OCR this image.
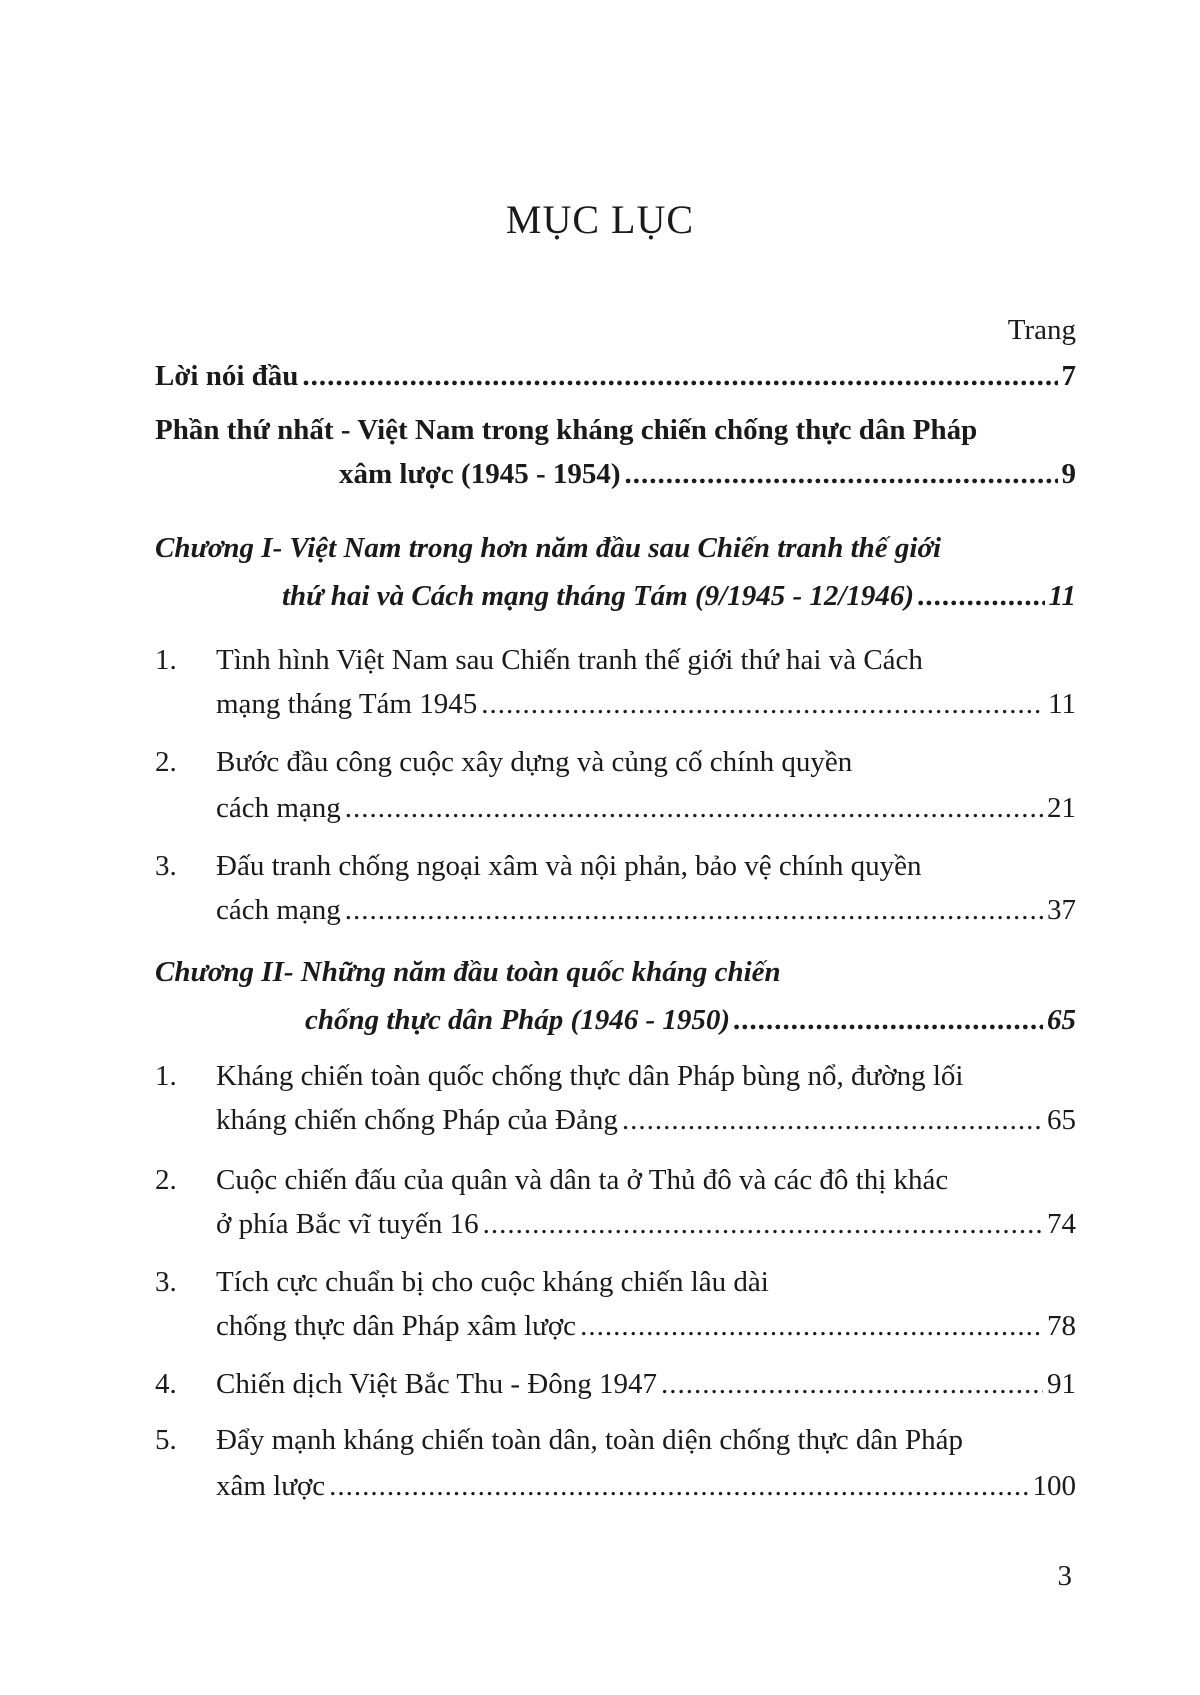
MỤC LỤC
Trang
Lời nói đầu .....	7
Phần thứ nhất - Việt Nam trong kháng chiến chống thực dân Pháp
xâm lược (1945 - 1954) .....	9
Chương I- Việt Nam trong hơn năm đầu sau Chiến tranh thế giới
thứ hai và Cách mạng tháng Tám (9/1945 - 12/1946) .....	11
1. Tình hình Việt Nam sau Chiến tranh thế giới thứ hai và Cách
mạng tháng Tám 1945 .....	11
2. Bước đầu công cuộc xây dựng và củng cố chính quyền
cách mạng .....	21
3. Đấu tranh chống ngoại xâm và nội phản, bảo vệ chính quyền
cách mạng .....	37
Chương II- Những năm đầu toàn quốc kháng chiến
chống thực dân Pháp (1946 - 1950) .....	65
1. Kháng chiến toàn quốc chống thực dân Pháp bùng nổ, đường lối
kháng chiến chống Pháp của Đảng .....	65
2. Cuộc chiến đấu của quân và dân ta ở Thủ đô và các đô thị khác
ở phía Bắc vĩ tuyến 16 .....	74
3. Tích cực chuẩn bị cho cuộc kháng chiến lâu dài
chống thực dân Pháp xâm lược .....	78
4. Chiến dịch Việt Bắc Thu - Đông 1947 .....	91
5. Đẩy mạnh kháng chiến toàn dân, toàn diện chống thực dân Pháp
xâm lược .....	100
3
